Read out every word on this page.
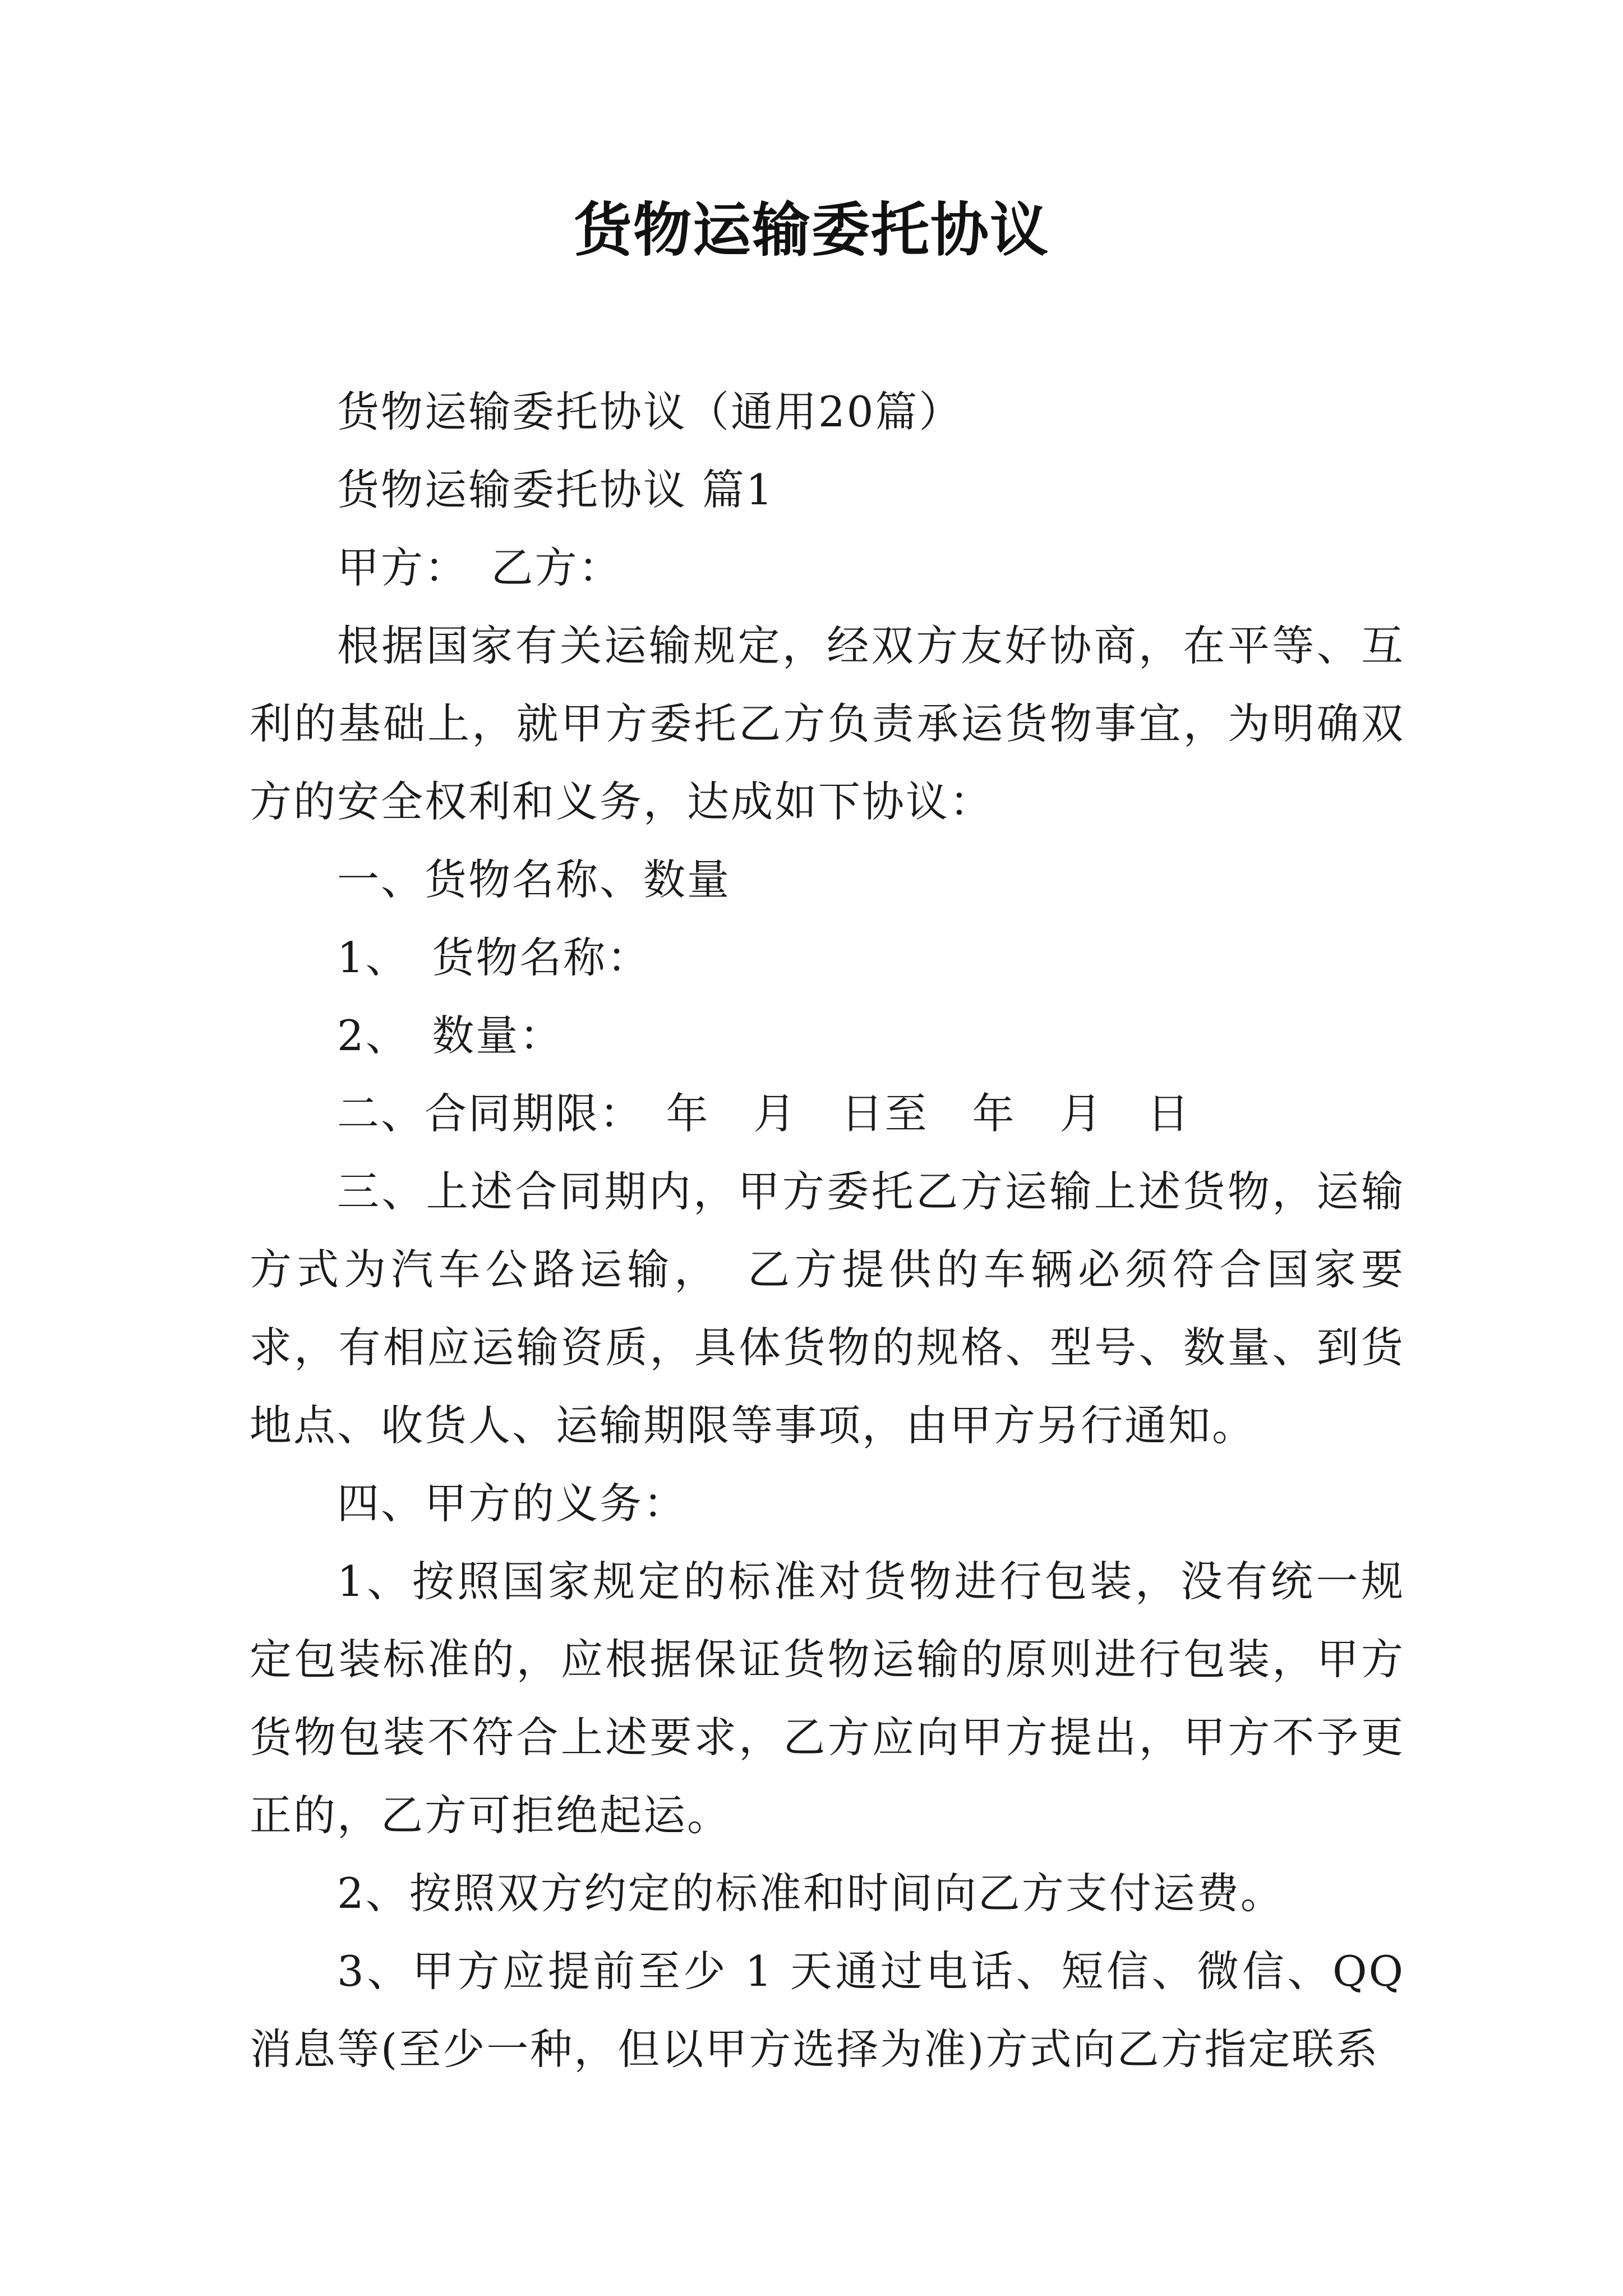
货物运输委托协议

货物运输委托协议（通用20篇）

货物运输委托协议 篇1

甲方：　乙方：

根据国家有关运输规定，经双方友好协商，在平等、互利的基础上，就甲方委托乙方负责承运货物事宜，为明确双方的安全权利和义务，达成如下协议：

一、货物名称、数量

1、　货物名称：

2、　数量：

二、合同期限：　年　月　日至　年　月　日

三、上述合同期内，甲方委托乙方运输上述货物，运输方式为汽车公路运输，　乙方提供的车辆必须符合国家要求，有相应运输资质，具体货物的规格、型号、数量、到货地点、收货人、运输期限等事项，由甲方另行通知。

四、甲方的义务：

1、按照国家规定的标准对货物进行包装，没有统一规定包装标准的，应根据保证货物运输的原则进行包装，甲方货物包装不符合上述要求，乙方应向甲方提出，甲方不予更正的，乙方可拒绝起运。

2、按照双方约定的标准和时间向乙方支付运费。

3、甲方应提前至少 1 天通过电话、短信、微信、QQ消息等(至少一种，但以甲方选择为准)方式向乙方指定联系
